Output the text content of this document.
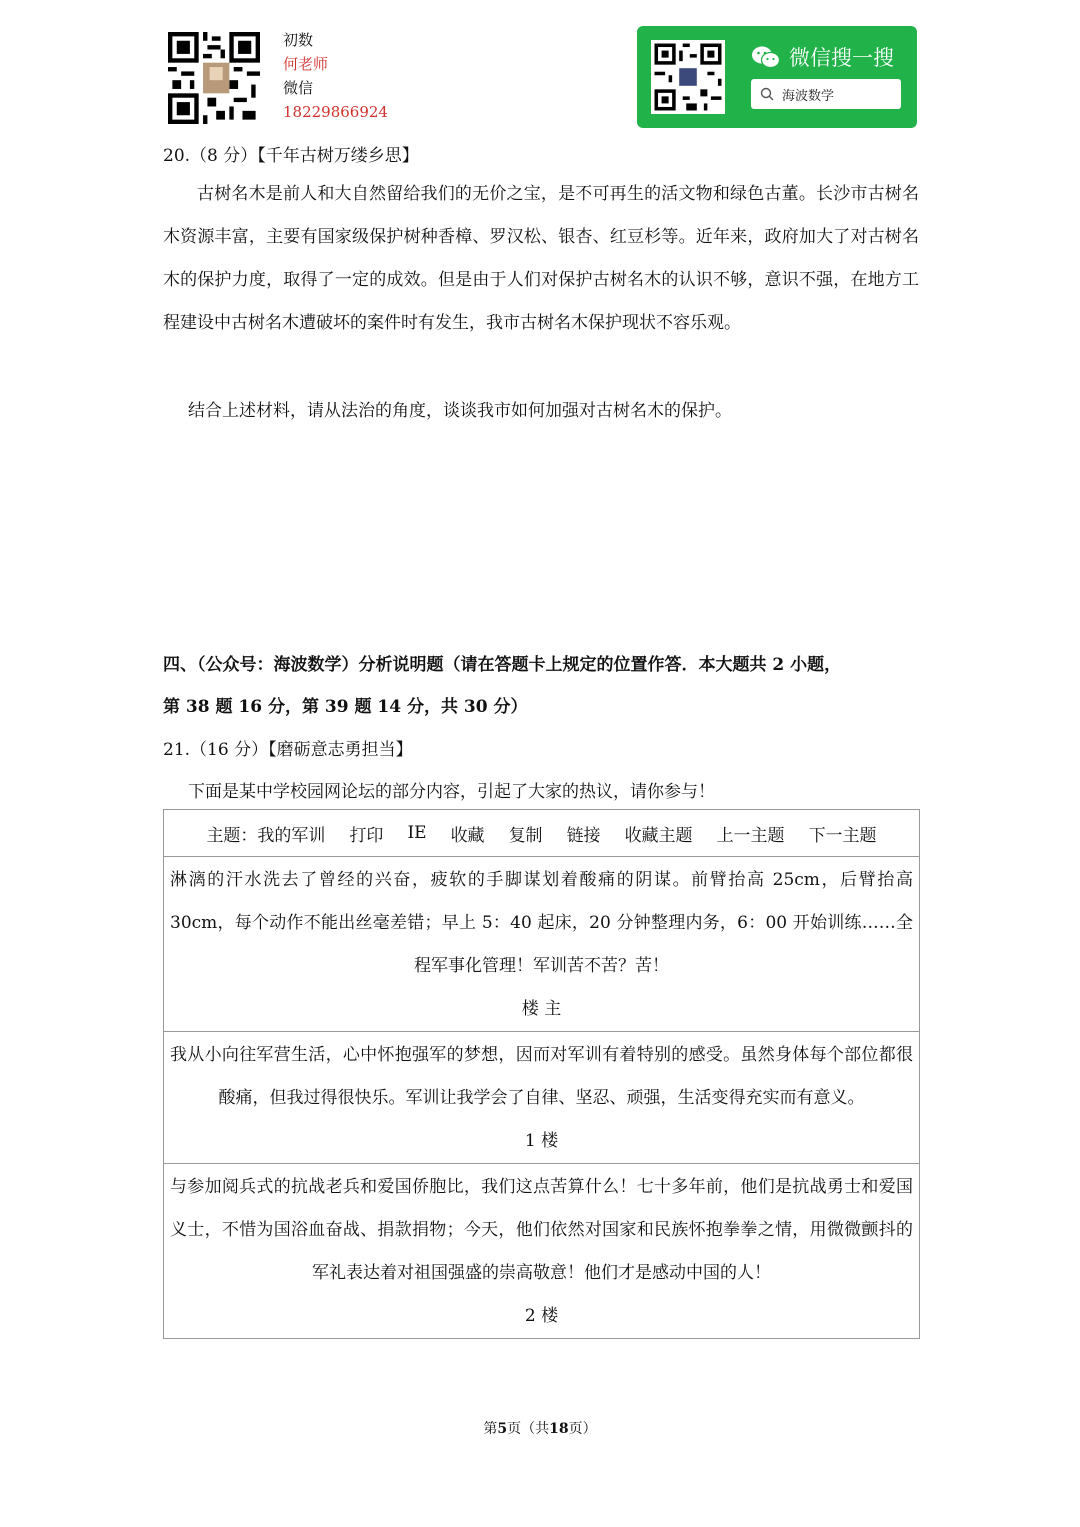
初数
何老师
微信
18229866924
微信搜一搜
海波数学
20.（8 分）【千年古树万缕乡思】
古树名木是前人和大自然留给我们的无价之宝，是不可再生的活文物和绿色古董。长沙市古树名木资源丰富，主要有国家级保护树种香樟、罗汉松、银杏、红豆杉等。近年来，政府加大了对古树名木的保护力度，取得了一定的成效。但是由于人们对保护古树名木的认识不够，意识不强，在地方工程建设中古树名木遭破坏的案件时有发生，我市古树名木保护现状不容乐观。
结合上述材料，请从法治的角度，谈谈我市如何加强对古树名木的保护。
四、（公众号：海波数学）分析说明题（请在答题卡上规定的位置作答．本大题共 2 小题，
第 38 题 16 分，第 39 题 14 分，共 30 分）
21.（16 分）【磨砺意志勇担当】
下面是某中学校园网论坛的部分内容，引起了大家的热议，请你参与！
主题：我的军训 打印 IE 收藏 复制 链接 收藏主题 上一主题 下一主题
淋漓的汗水洗去了曾经的兴奋，疲软的手脚谋划着酸痛的阴谋。前臂抬高 25cm，后臂抬高 30cm，每个动作不能出丝毫差错；早上 5：40 起床，20 分钟整理内务，6：00 开始训练……全程军事化管理！军训苦不苦？苦！
楼 主
我从小向往军营生活，心中怀抱强军的梦想，因而对军训有着特别的感受。虽然身体每个部位都很酸痛，但我过得很快乐。军训让我学会了自律、坚忍、顽强，生活变得充实而有意义。
1 楼
与参加阅兵式的抗战老兵和爱国侨胞比，我们这点苦算什么！七十多年前，他们是抗战勇士和爱国义士，不惜为国浴血奋战、捐款捐物；今天，他们依然对国家和民族怀抱拳拳之情，用微微颤抖的军礼表达着对祖国强盛的崇高敬意！他们才是感动中国的人！
2 楼
第5页（共18页）
